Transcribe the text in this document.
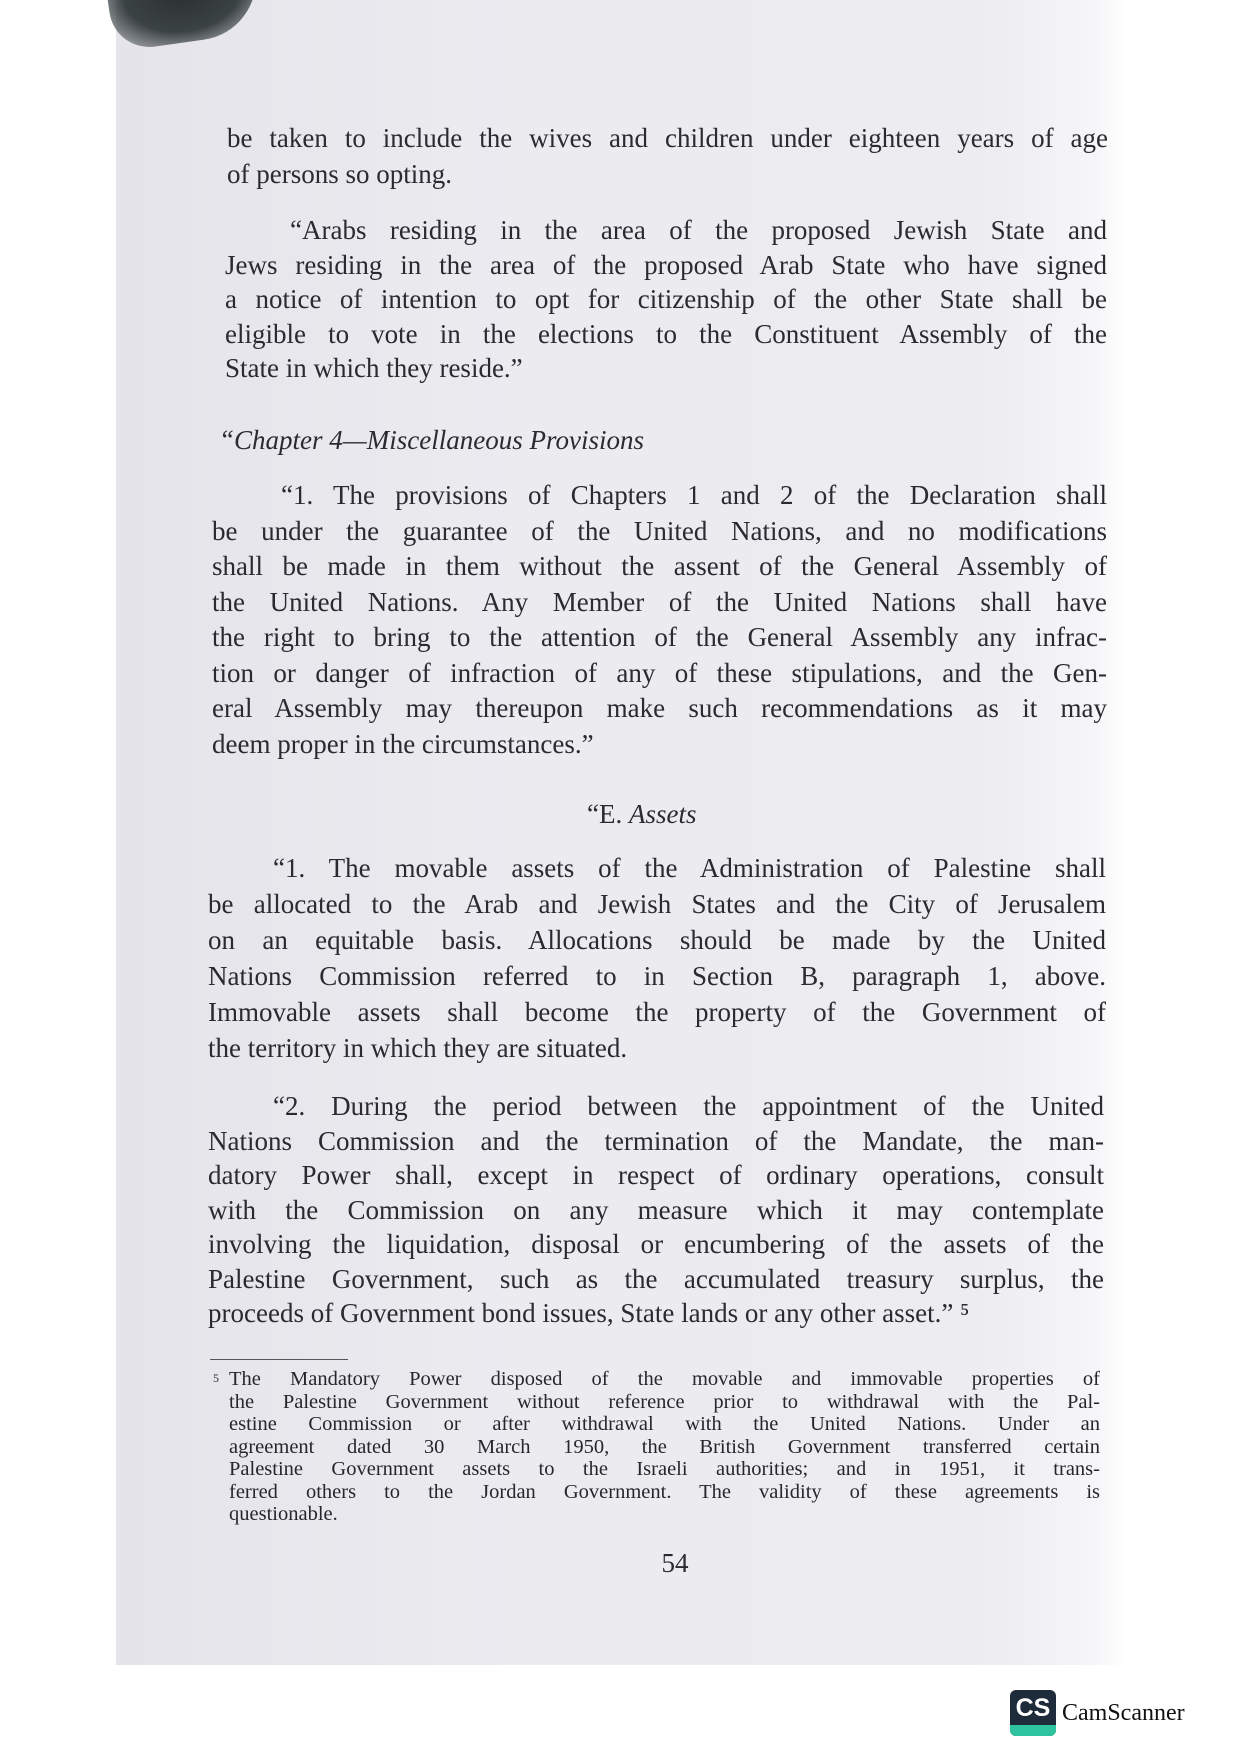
be taken to include the wives and children under eighteen years of age
of persons so opting.
“Arabs residing in the area of the proposed Jewish State and
Jews residing in the area of the proposed Arab State who have signed
a notice of intention to opt for citizenship of the other State shall be
eligible to vote in the elections to the Constituent Assembly of the
State in which they reside.”
“1. The provisions of Chapters 1 and 2 of the Declaration shall
be under the guarantee of the United Nations, and no modifications
shall be made in them without the assent of the General Assembly of
the United Nations. Any Member of the United Nations shall have
the right to bring to the attention of the General Assembly any infrac-
tion or danger of infraction of any of these stipulations, and the Gen-
eral Assembly may thereupon make such recommendations as it may
deem proper in the circumstances.”
“1. The movable assets of the Administration of Palestine shall
be allocated to the Arab and Jewish States and the City of Jerusalem
on an equitable basis. Allocations should be made by the United
Nations Commission referred to in Section B, paragraph 1, above.
Immovable assets shall become the property of the Government of
the territory in which they are situated.
“2. During the period between the appointment of the United
Nations Commission and the termination of the Mandate, the man-
datory Power shall, except in respect of ordinary operations, consult
with the Commission on any measure which it may contemplate
involving the liquidation, disposal or encumbering of the assets of the
Palestine Government, such as the accumulated treasury surplus, the
proceeds of Government bond issues, State lands or any other asset.” ⁵
The Mandatory Power disposed of the movable and immovable properties of
the Palestine Government without reference prior to withdrawal with the Pal-
estine Commission or after withdrawal with the United Nations. Under an
agreement dated 30 March 1950, the British Government transferred certain
Palestine Government assets to the Israeli authorities; and in 1951, it trans-
ferred others to the Jordan Government. The validity of these agreements is
questionable.
“Chapter 4—Miscellaneous Provisions
“E. Assets
5
54
CS CamScanner
